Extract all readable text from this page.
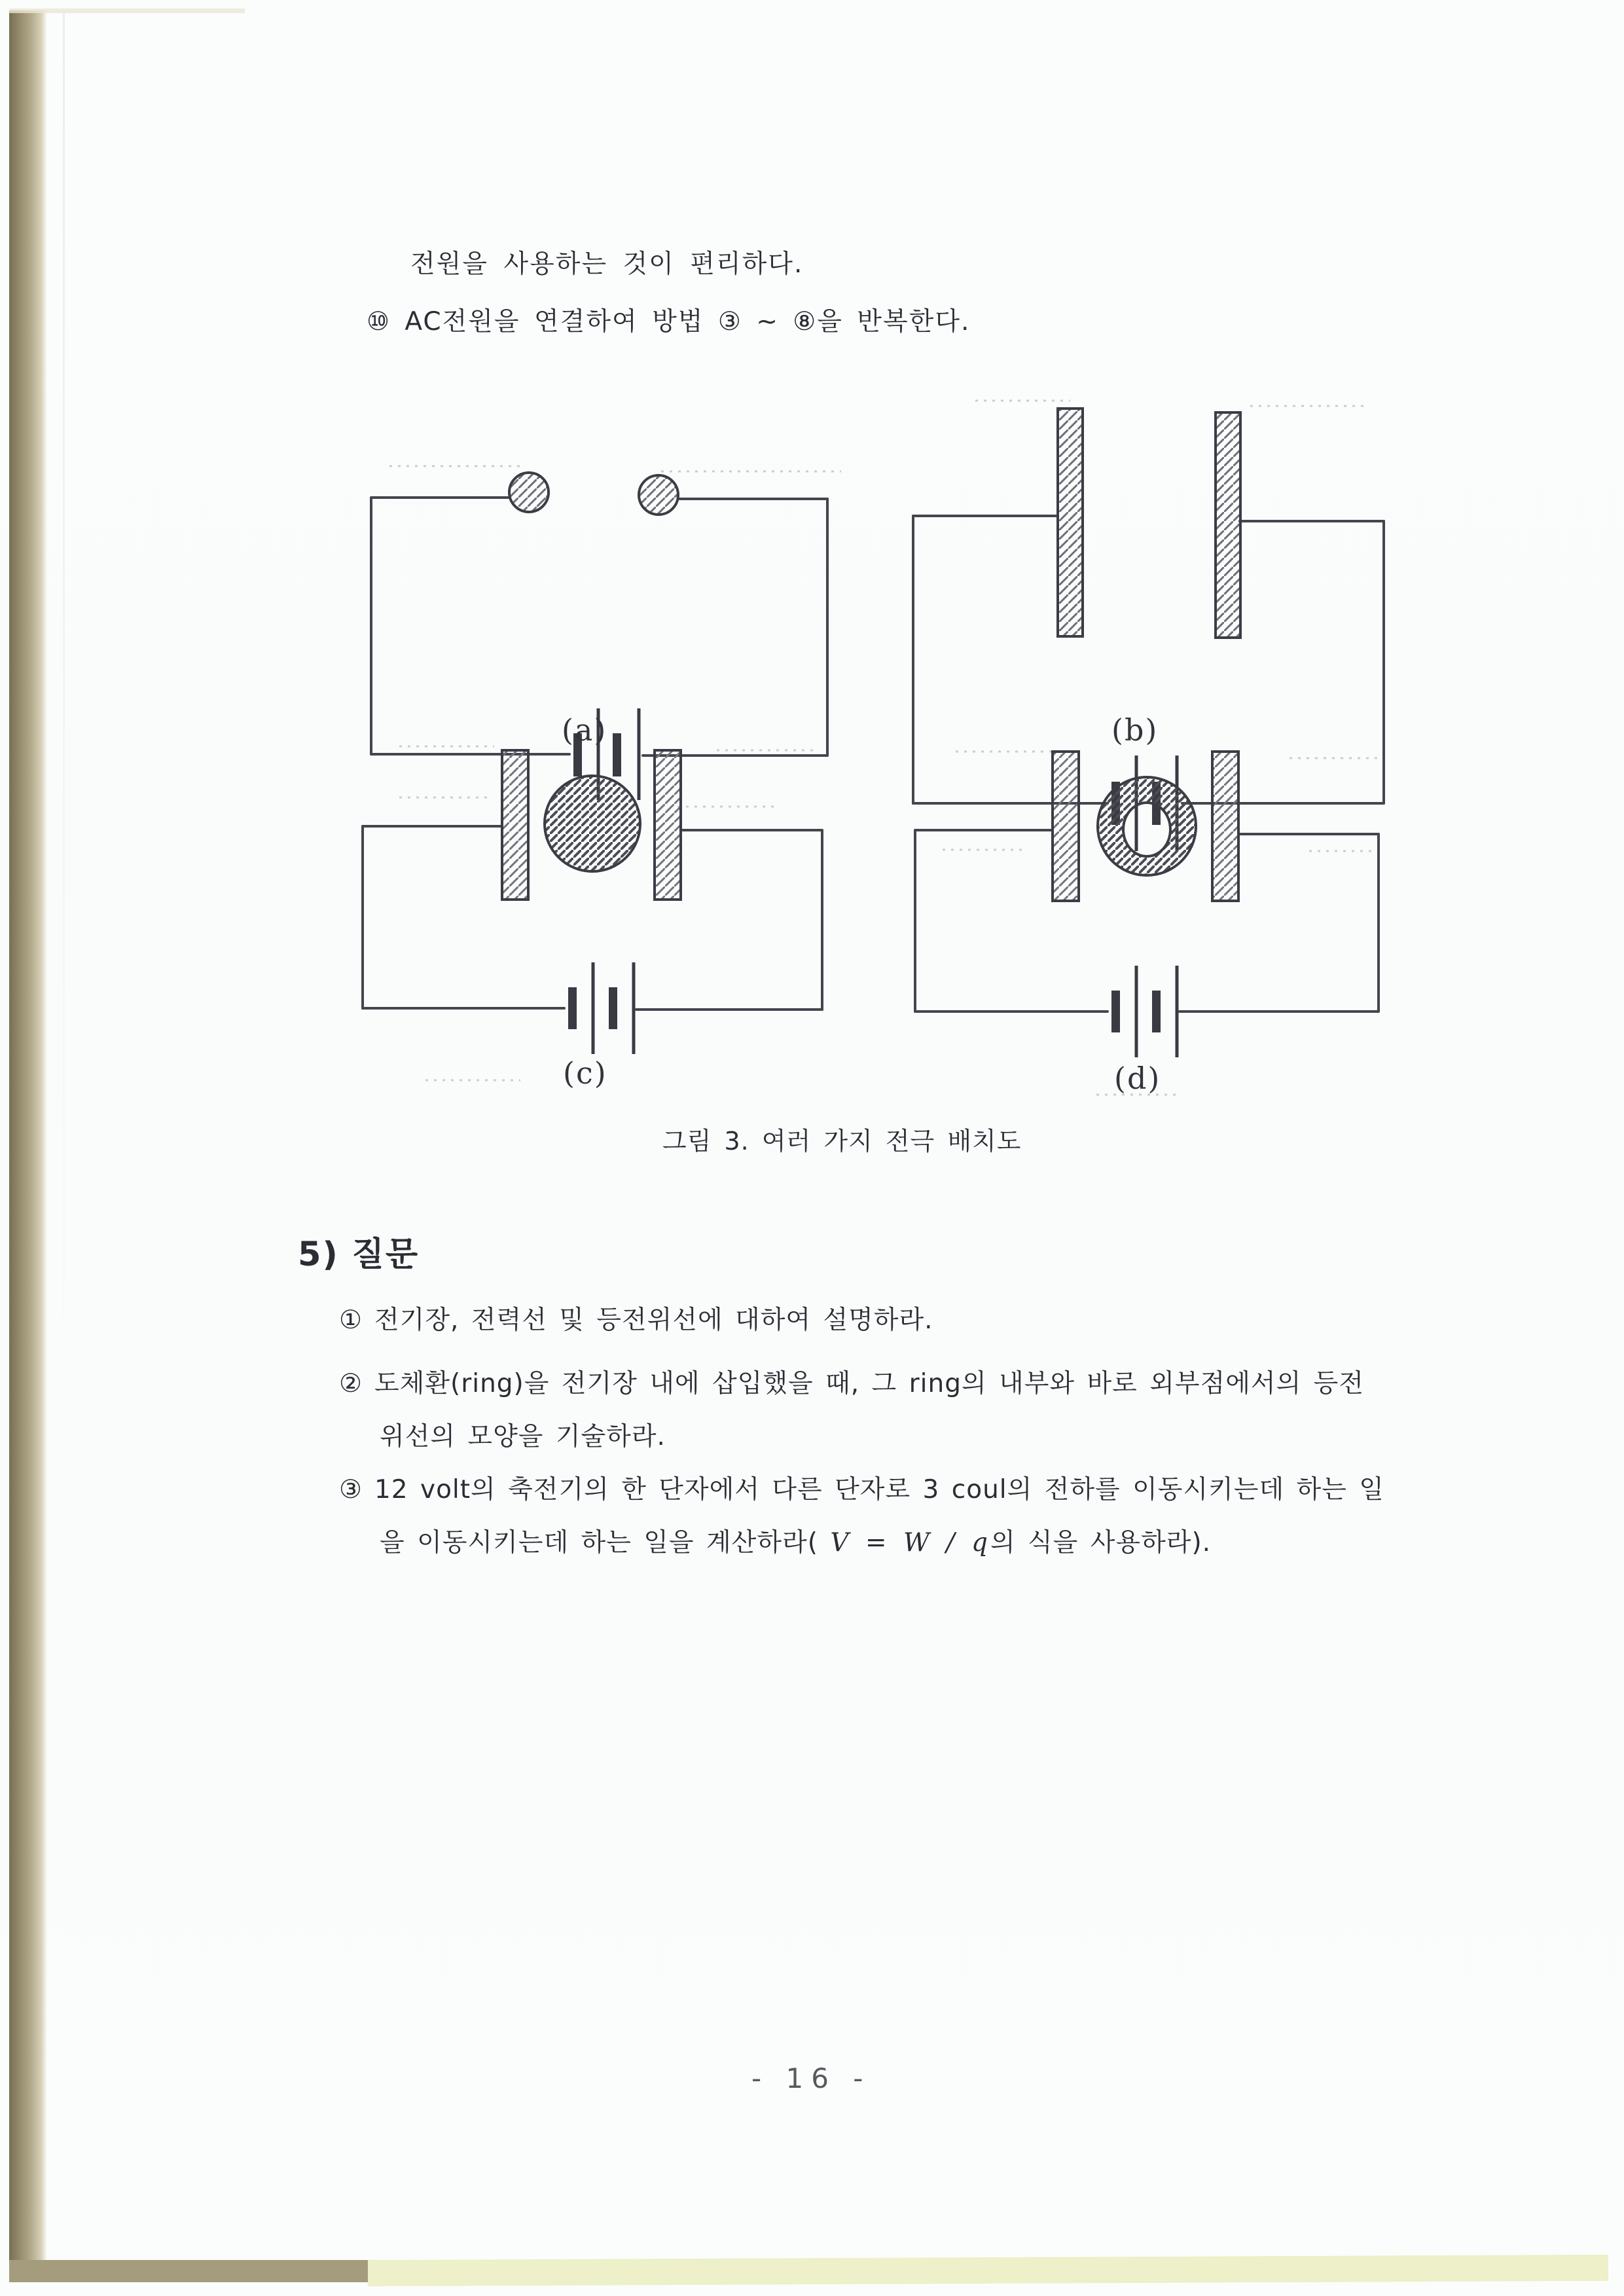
전원을 사용하는 것이 편리하다.
⑩ AC전원을 연결하여 방법 ③ ~ ⑧을 반복한다.
(a)	(b)
(c)	(d)
그림 3. 여러 가지 전극 배치도
5) 질문
① 전기장, 전력선 및 등전위선에 대하여 설명하라.
② 도체환(ring)을 전기장 내에 삽입했을 때, 그 ring의 내부와 바로 외부점에서의 등전
위선의 모양을 기술하라.
③ 12 volt의 축전기의 한 단자에서 다른 단자로 3 coul의 전하를 이동시키는데 하는 일
을 이동시키는데 하는 일을 계산하라( V = W / q의 식을 사용하라).
- 16 -
